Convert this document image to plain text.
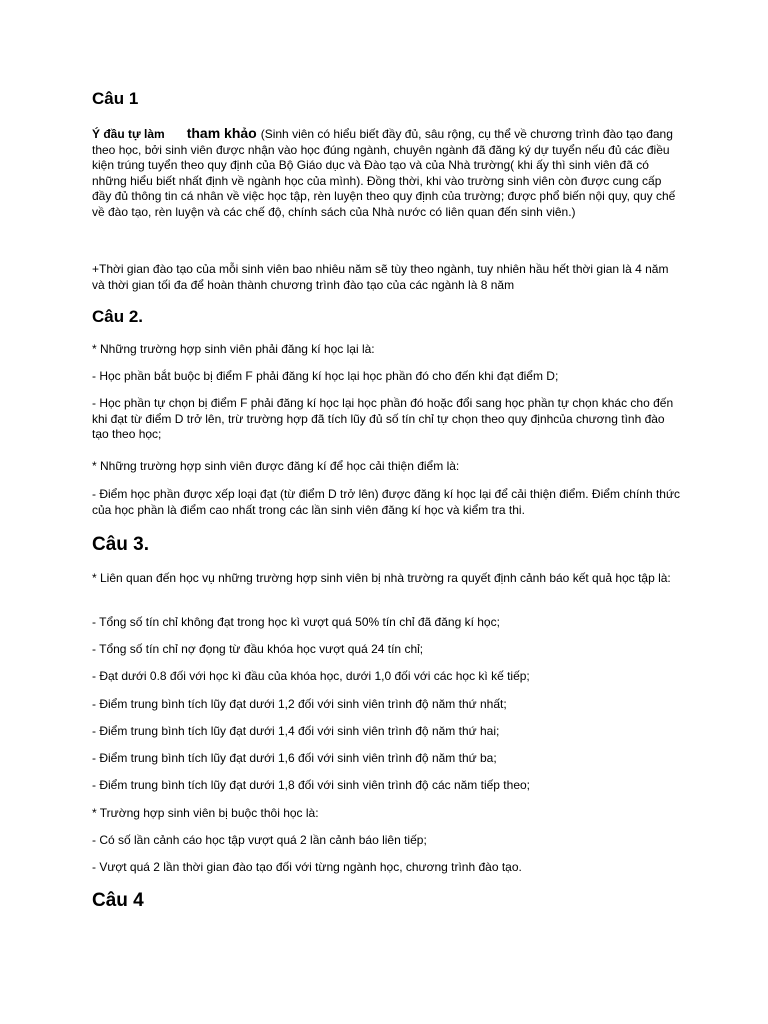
Câu 1

Ý đầu tự làm tham khảo (Sinh viên có hiểu biết đầy đủ, sâu rộng, cụ thể về chương trình đào tạo đang theo học, bởi sinh viên được nhận vào học đúng ngành, chuyên ngành đã đăng ký dự tuyển nếu đủ các điều kiện trúng tuyển theo quy định của Bộ Giáo dục và Đào tạo và của Nhà trường( khi ấy thì sinh viên đã có những hiểu biết nhất định về ngành học của mình). Đồng thời, khi vào trường sinh viên còn được cung cấp đầy đủ thông tin cá nhân về việc học tập, rèn luyện theo quy định của trường; được phổ biến nội quy, quy chế về đào tạo, rèn luyện và các chế độ, chính sách của Nhà nước có liên quan đến sinh viên.)

+Thời gian đào tạo của mỗi sinh viên bao nhiêu năm sẽ tùy theo ngành, tuy nhiên hầu hết thời gian là 4 năm và thời gian tối đa để hoàn thành chương trình đào tạo của các ngành là 8 năm

Câu 2.

* Những trường hợp sinh viên phải đăng kí học lại là:

- Học phần bắt buộc bị điểm F phải đăng kí học lại học phần đó cho đến khi đạt điểm D;

- Học phần tự chọn bị điểm F phải đăng kí học lại học phần đó hoặc đổi sang học phần tự chọn khác cho đến khi đạt từ điểm D trở lên, trừ trường hợp đã tích lũy đủ số tín chỉ tự chọn theo quy địnhcủa chương tình đào tạo theo học;

* Những trường hợp sinh viên được đăng kí để học cải thiện điểm là:

- Điểm học phần được xếp loại đạt (từ điểm D trở lên) được đăng kí học lại để cải thiện điểm. Điểm chính thức của học phần là điểm cao nhất trong các lần sinh viên đăng kí học và kiểm tra thi.

Câu 3.

* Liên quan đến học vụ những trường hợp sinh viên bị nhà trường ra quyết định cảnh báo kết quả học tập là:

- Tổng số tín chỉ không đạt trong học kì vượt quá 50% tín chỉ đã đăng kí học;

- Tổng số tín chỉ nợ đọng từ đầu khóa học vượt quá 24 tín chỉ;

- Đạt dưới 0.8 đối với học kì đầu của khóa học, dưới 1,0 đối với các học kì kế tiếp;

- Điểm trung bình tích lũy đạt dưới 1,2 đối với sinh viên trình độ năm thứ nhất;

- Điểm trung bình tích lũy đạt dưới 1,4 đối với sinh viên trình độ năm thứ hai;

- Điểm trung bình tích lũy đạt dưới 1,6 đối với sinh viên trình độ năm thứ ba;

- Điểm trung bình tích lũy đạt dưới 1,8 đối với sinh viên trình độ các năm tiếp theo;

* Trường hợp sinh viên bị buộc thôi học là:

- Có số lần cảnh cáo học tập vượt quá 2 lần cảnh báo liên tiếp;

- Vượt quá 2 lần thời gian đào tạo đối với từng ngành học, chương trình đào tạo.

Câu 4
